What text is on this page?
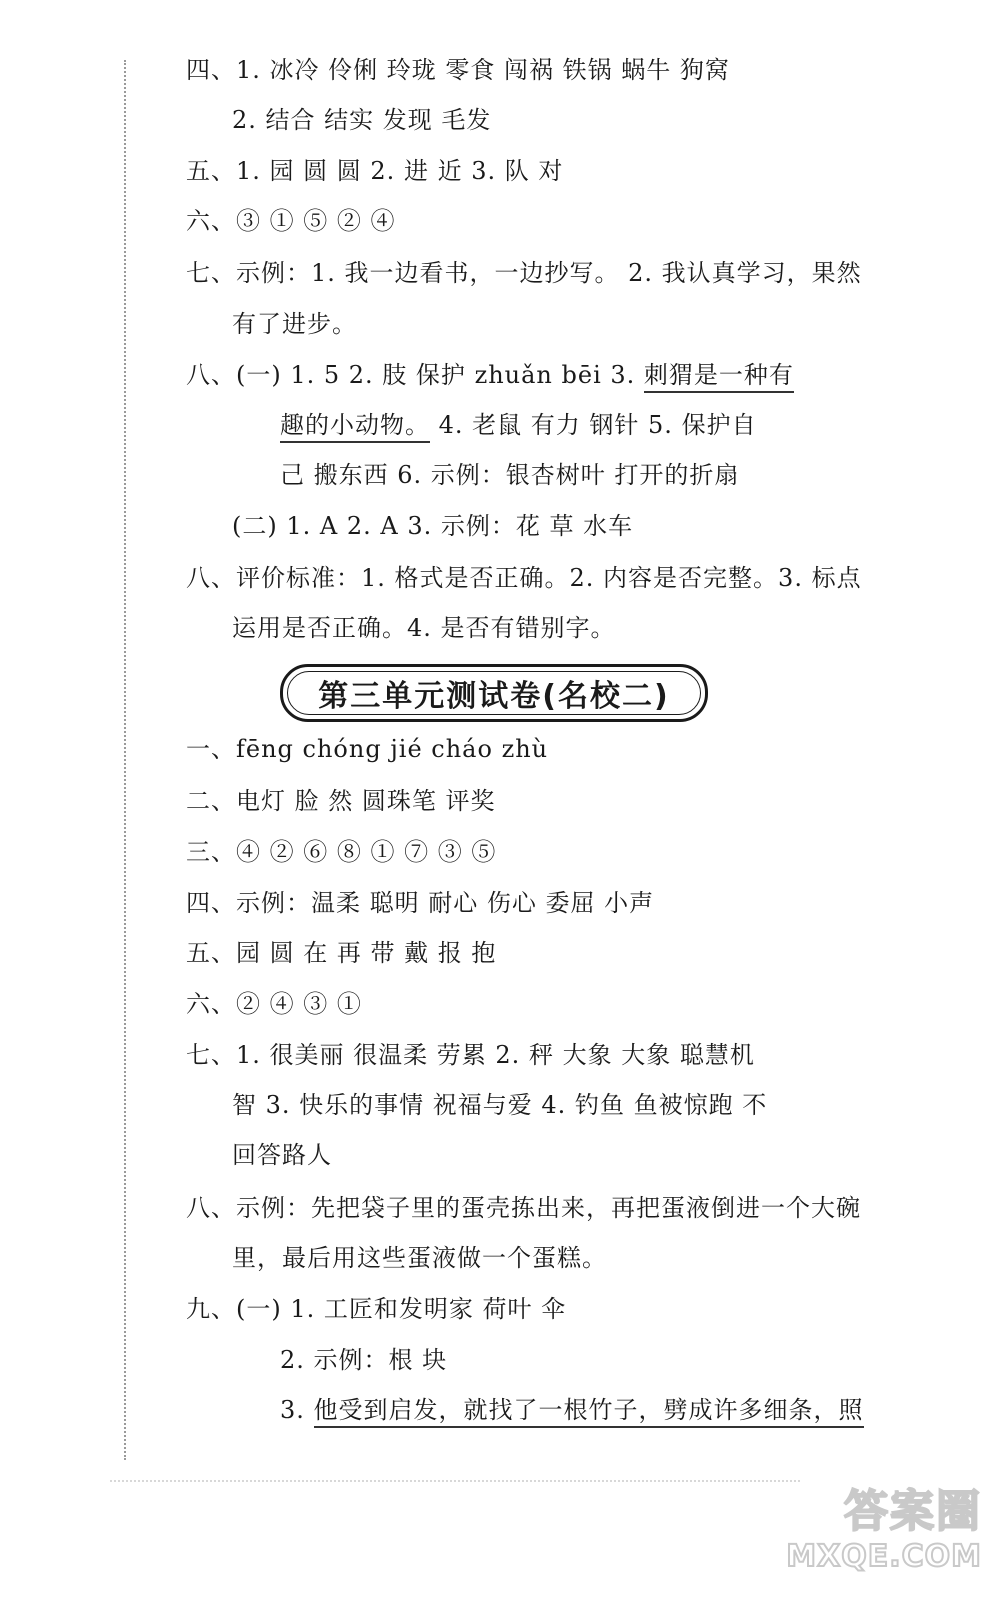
四、1. 冰冷 伶俐 玲珑 零食 闯祸 铁锅 蜗牛 狗窝
2. 结合 结实 发现 毛发
五、1. 园 圆 圆 2. 进 近 3. 队 对
六、③ ① ⑤ ② ④
七、示例：1. 我一边看书，一边抄写。 2. 我认真学习，果然
有了进步。
八、(一) 1. 5 2. 肢 保护 zhuǎn bēi 3. 刺猬是一种有
趣的小动物。 4. 老鼠 有力 钢针 5. 保护自
己 搬东西 6. 示例：银杏树叶 打开的折扇
(二) 1. A 2. A 3. 示例：花 草 水车
八、评价标准：1. 格式是否正确。2. 内容是否完整。3. 标点
运用是否正确。4. 是否有错别字。
第三单元测试卷(名校二)
一、fēng chóng jié cháo zhù
二、电灯 脸 然 圆珠笔 评奖
三、④ ② ⑥ ⑧ ① ⑦ ③ ⑤
四、示例：温柔 聪明 耐心 伤心 委屈 小声
五、园 圆 在 再 带 戴 报 抱
六、② ④ ③ ①
七、1. 很美丽 很温柔 劳累 2. 秤 大象 大象 聪慧机
智 3. 快乐的事情 祝福与爱 4. 钓鱼 鱼被惊跑 不
回答路人
八、示例：先把袋子里的蛋壳拣出来，再把蛋液倒进一个大碗
里，最后用这些蛋液做一个蛋糕。
九、(一) 1. 工匠和发明家 荷叶 伞
2. 示例：根 块
3. 他受到启发，就找了一根竹子，劈成许多细条，照
答案圈
MXQE.COM
